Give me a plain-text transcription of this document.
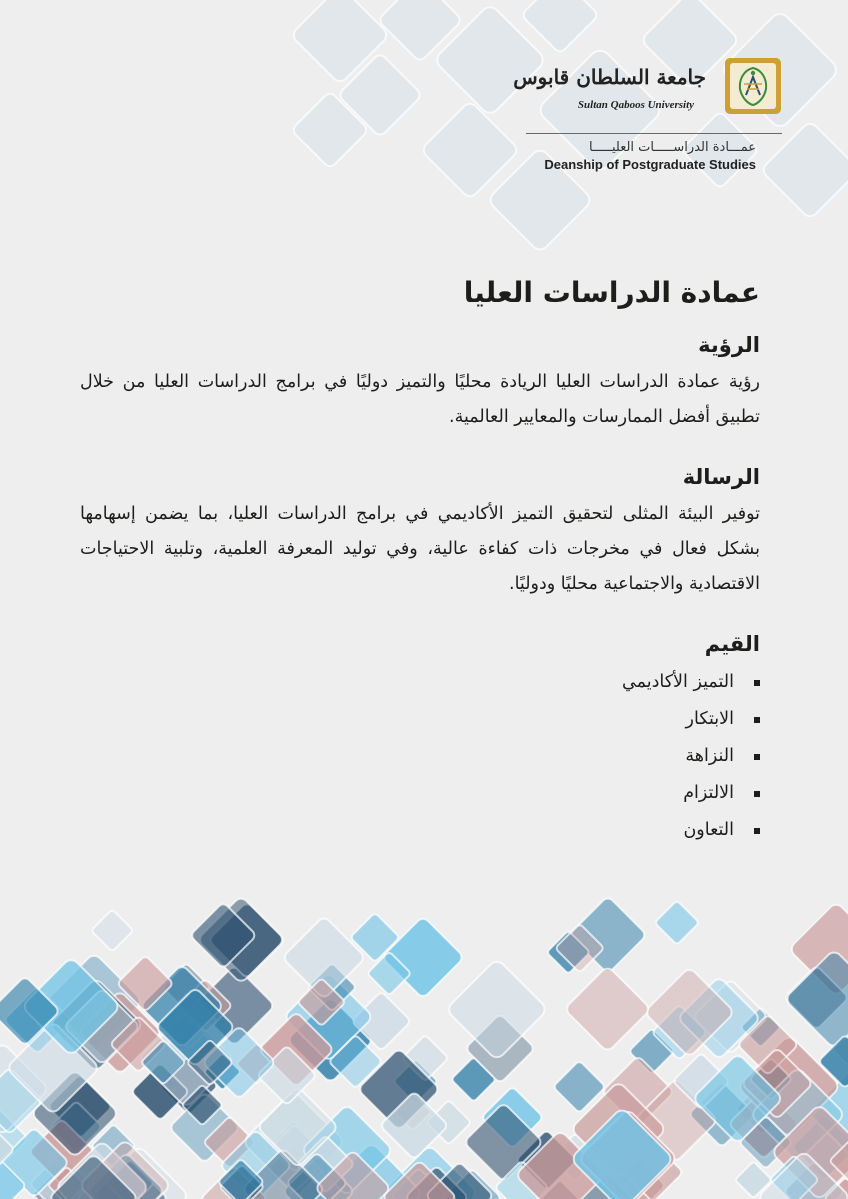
جامعة السلطان قابوس
Sultan Qaboos University
عمـــادة الدراســـــات العليـــــا
Deanship of Postgraduate Studies
عمادة الدراسات العليا
الرؤية

رؤية عمادة الدراسات العليا الريادة محليًا والتميز دوليًا في برامج الدراسات العليا من خلال تطبيق أفضل الممارسات والمعايير العالمية.

الرسالة

توفير البيئة المثلى لتحقيق التميز الأكاديمي في برامج الدراسات العليا، بما يضمن إسهامها بشكل فعال في مخرجات ذات كفاءة عالية، وفي توليد المعرفة العلمية، وتلبية الاحتياجات الاقتصادية والاجتماعية محليًا ودوليًا.

القيم
التميز الأكاديمي
الابتكار
النزاهة
الالتزام
التعاون
